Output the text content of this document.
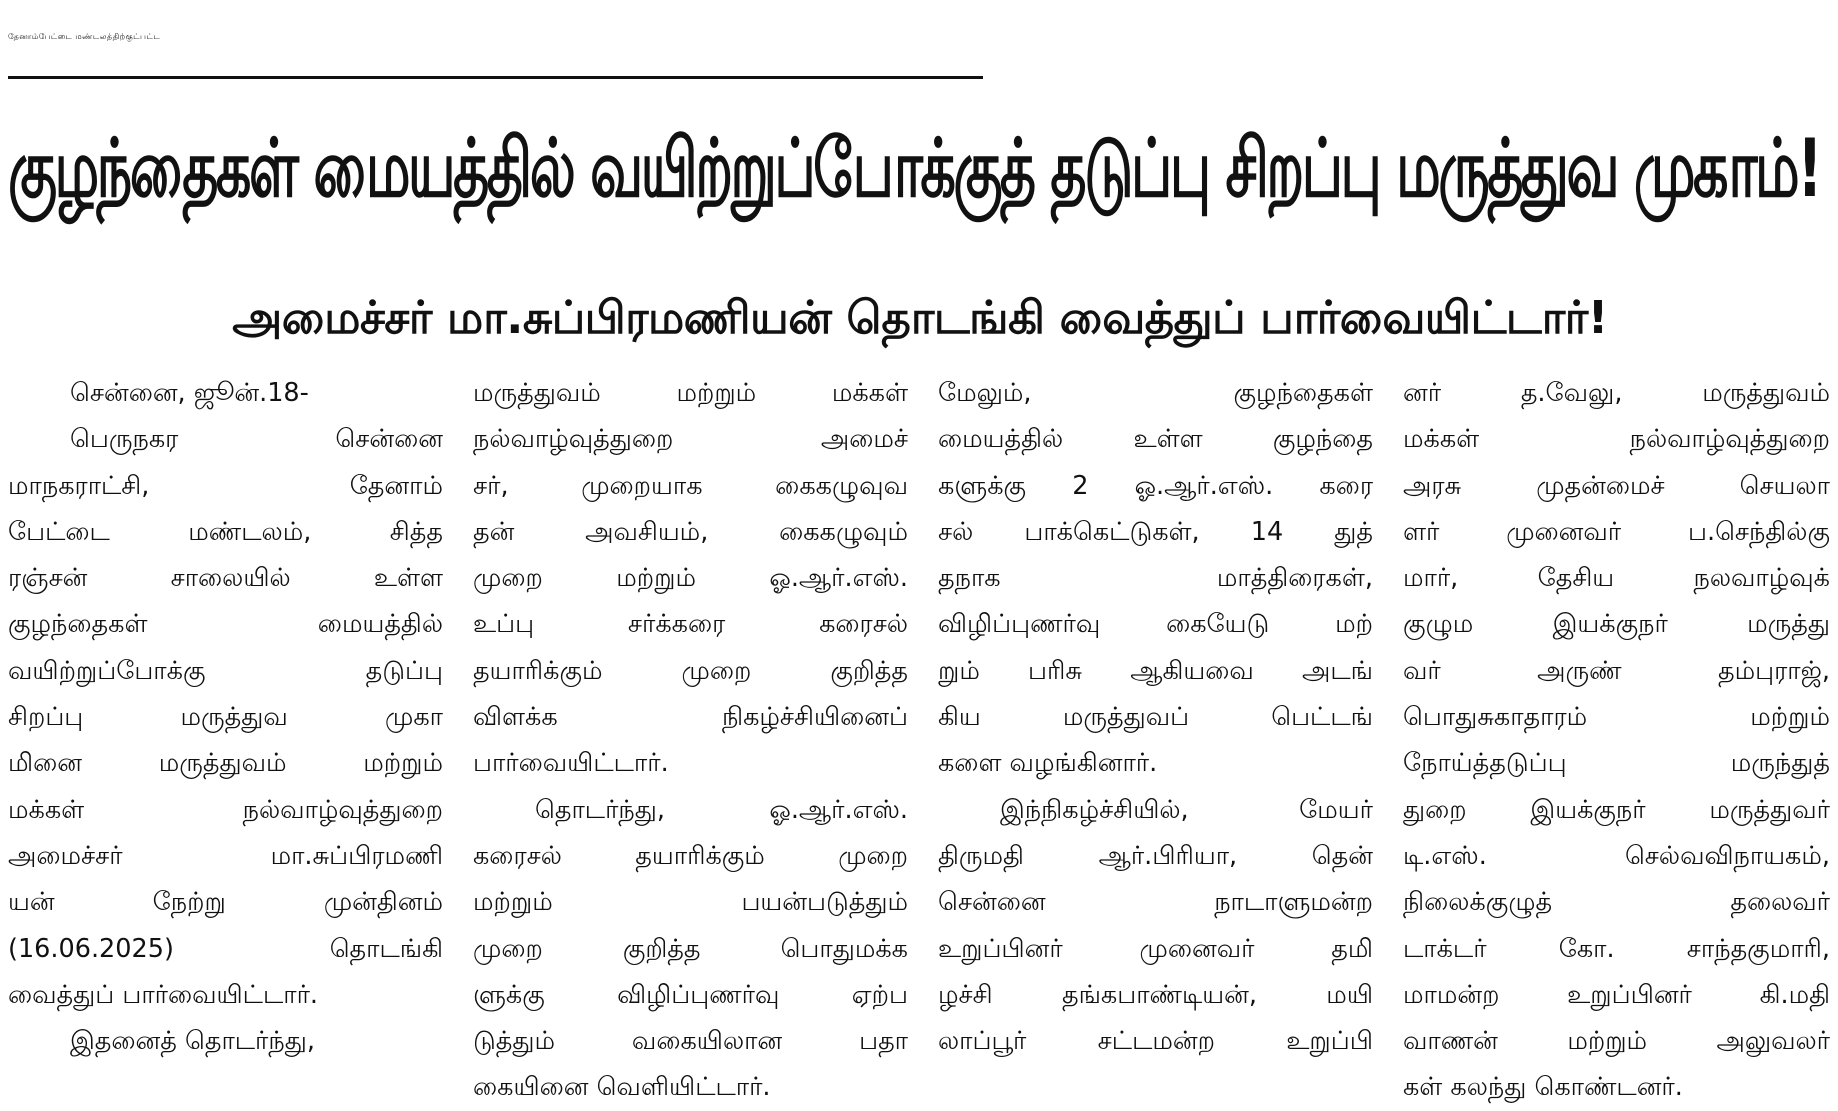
தேனாம்பேட்டை மண்டலத்திற்குட்பட்ட
குழந்தைகள் மையத்தில் வயிற்றுப்போக்குத் தடுப்பு சிறப்பு மருத்துவ முகாம்!
அமைச்சர் மா.சுப்பிரமணியன் தொடங்கி வைத்துப் பார்வையிட்டார்!
சென்னை, ஜூன்.18-
பெருநகர சென்னை
மாநகராட்சி, தேனாம்
பேட்டை மண்டலம், சித்த
ரஞ்சன் சாலையில் உள்ள
குழந்தைகள் மையத்தில்
வயிற்றுப்போக்கு தடுப்பு
சிறப்பு மருத்துவ முகா
மினை மருத்துவம் மற்றும்
மக்கள் நல்வாழ்வுத்துறை
அமைச்சர் மா.சுப்பிரமணி
யன் நேற்று முன்தினம்
(16.06.2025) தொடங்கி
வைத்துப் பார்வையிட்டார்.
இதனைத் தொடர்ந்து,
மருத்துவம் மற்றும் மக்கள்
நல்வாழ்வுத்துறை அமைச்
சர், முறையாக கைகழுவுவ
தன் அவசியம், கைகழுவும்
முறை மற்றும் ஓ.ஆர்.எஸ்.
உப்பு சர்க்கரை கரைசல்
தயாரிக்கும் முறை குறித்த
விளக்க நிகழ்ச்சியினைப்
பார்வையிட்டார்.
தொடர்ந்து, ஓ.ஆர்.எஸ்.
கரைசல் தயாரிக்கும் முறை
மற்றும் பயன்படுத்தும்
முறை குறித்த பொதுமக்க
ளுக்கு விழிப்புணர்வு ஏற்ப
டுத்தும் வகையிலான பதா
கையினை வெளியிட்டார்.
மேலும், குழந்தைகள்
மையத்தில் உள்ள குழந்தை
களுக்கு 2 ஓ.ஆர்.எஸ். கரை
சல் பாக்கெட்டுகள், 14 துத்
தநாக மாத்திரைகள்,
விழிப்புணர்வு கையேடு மற்
றும் பரிசு ஆகியவை அடங்
கிய மருத்துவப் பெட்டங்
களை வழங்கினார்.
இந்நிகழ்ச்சியில், மேயர்
திருமதி ஆர்.பிரியா, தென்
சென்னை நாடாளுமன்ற
உறுப்பினர் முனைவர் தமி
ழச்சி தங்கபாண்டியன், மயி
லாப்பூர் சட்டமன்ற உறுப்பி
னர் த.வேலு, மருத்துவம்
மக்கள் நல்வாழ்வுத்துறை
அரசு முதன்மைச் செயலா
ளர் முனைவர் ப.செந்தில்கு
மார், தேசிய நலவாழ்வுக்
குழும இயக்குநர் மருத்து
வர் அருண் தம்புராஜ்,
பொதுசுகாதாரம் மற்றும்
நோய்த்தடுப்பு மருந்துத்
துறை இயக்குநர் மருத்துவர்
டி.எஸ். செல்வவிநாயகம்,
நிலைக்குழுத் தலைவர்
டாக்டர் கோ. சாந்தகுமாரி,
மாமன்ற உறுப்பினர் கி.மதி
வாணன் மற்றும் அலுவலர்
கள் கலந்து கொண்டனர்.
